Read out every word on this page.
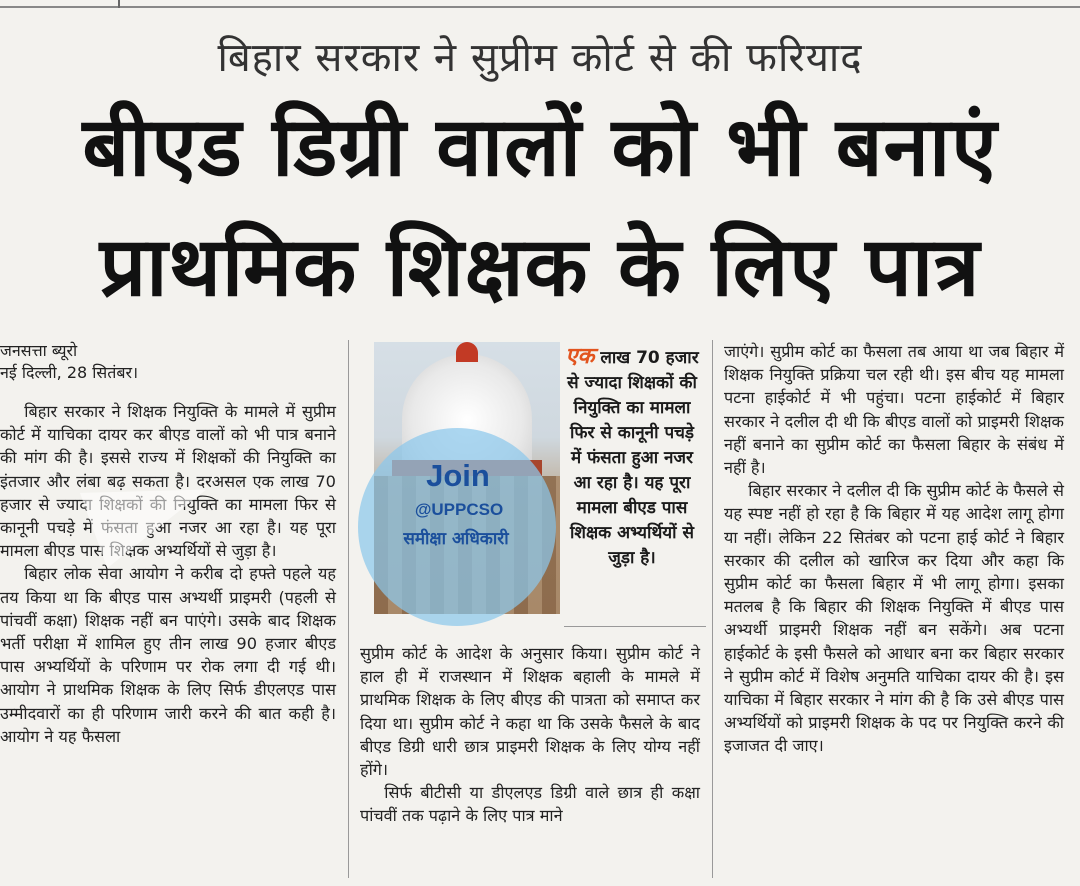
बिहार सरकार ने सुप्रीम कोर्ट से की फरियाद
बीएड डिग्री वालों को भी बनाएं
प्राथमिक शिक्षक के लिए पात्र
जनसत्ता ब्यूरो
नई दिल्ली, 28 सितंबर।

बिहार सरकार ने शिक्षक नियुक्ति के मामले में सुप्रीम कोर्ट में याचिका दायर कर बीएड वालों को भी पात्र बनाने की मांग की है। इससे राज्य में शिक्षकों की नियुक्ति का इंतजार और लंबा बढ़ सकता है। दरअसल एक लाख 70 हजार से ज्यादा शिक्षकों की नियुक्ति का मामला फिर से कानूनी पचड़े में फंसता हुआ नजर आ रहा है। यह पूरा मामला बीएड पास शिक्षक अभ्यर्थियों से जुड़ा है।

बिहार लोक सेवा आयोग ने करीब दो हफ्ते पहले यह तय किया था कि बीएड पास अभ्यर्थी प्राइमरी (पहली से पांचवीं कक्षा) शिक्षक नहीं बन पाएंगे। उसके बाद शिक्षक भर्ती परीक्षा में शामिल हुए तीन लाख 90 हजार बीएड पास अभ्यर्थियों के परिणाम पर रोक लगा दी गई थी। आयोग ने प्राथमिक शिक्षक के लिए सिर्फ डीएलएड पास उम्मीदवारों का ही परिणाम जारी करने की बात कही है। आयोग ने यह फैसला

Join
@UPPCSO
समीक्षा अधिकारी
एक लाख 70 हजार से ज्यादा शिक्षकों की नियुक्ति का मामला फिर से कानूनी पचड़े में फंसता हुआ नजर आ रहा है। यह पूरा मामला बीएड पास शिक्षक अभ्यर्थियों से जुड़ा है।

सुप्रीम कोर्ट के आदेश के अनुसार किया। सुप्रीम कोर्ट ने हाल ही में राजस्थान में शिक्षक बहाली के मामले में प्राथमिक शिक्षक के लिए बीएड की पात्रता को समाप्त कर दिया था। सुप्रीम कोर्ट ने कहा था कि उसके फैसले के बाद बीएड डिग्री धारी छात्र प्राइमरी शिक्षक के लिए योग्य नहीं होंगे।

सिर्फ बीटीसी या डीएलएड डिग्री वाले छात्र ही कक्षा पांचवीं तक पढ़ाने के लिए पात्र माने

जाएंगे। सुप्रीम कोर्ट का फैसला तब आया था जब बिहार में शिक्षक नियुक्ति प्रक्रिया चल रही थी। इस बीच यह मामला पटना हाईकोर्ट में भी पहुंचा। पटना हाईकोर्ट में बिहार सरकार ने दलील दी थी कि बीएड वालों को प्राइमरी शिक्षक नहीं बनाने का सुप्रीम कोर्ट का फैसला बिहार के संबंध में नहीं है।

बिहार सरकार ने दलील दी कि सुप्रीम कोर्ट के फैसले से यह स्पष्ट नहीं हो रहा है कि बिहार में यह आदेश लागू होगा या नहीं। लेकिन 22 सितंबर को पटना हाई कोर्ट ने बिहार सरकार की दलील को खारिज कर दिया और कहा कि सुप्रीम कोर्ट का फैसला बिहार में भी लागू होगा। इसका मतलब है कि बिहार की शिक्षक नियुक्ति में बीएड पास अभ्यर्थी प्राइमरी शिक्षक नहीं बन सकेंगे। अब पटना हाईकोर्ट के इसी फैसले को आधार बना कर बिहार सरकार ने सुप्रीम कोर्ट में विशेष अनुमति याचिका दायर की है। इस याचिका में बिहार सरकार ने मांग की है कि उसे बीएड पास अभ्यर्थियों को प्राइमरी शिक्षक के पद पर नियुक्ति करने की इजाजत दी जाए।
